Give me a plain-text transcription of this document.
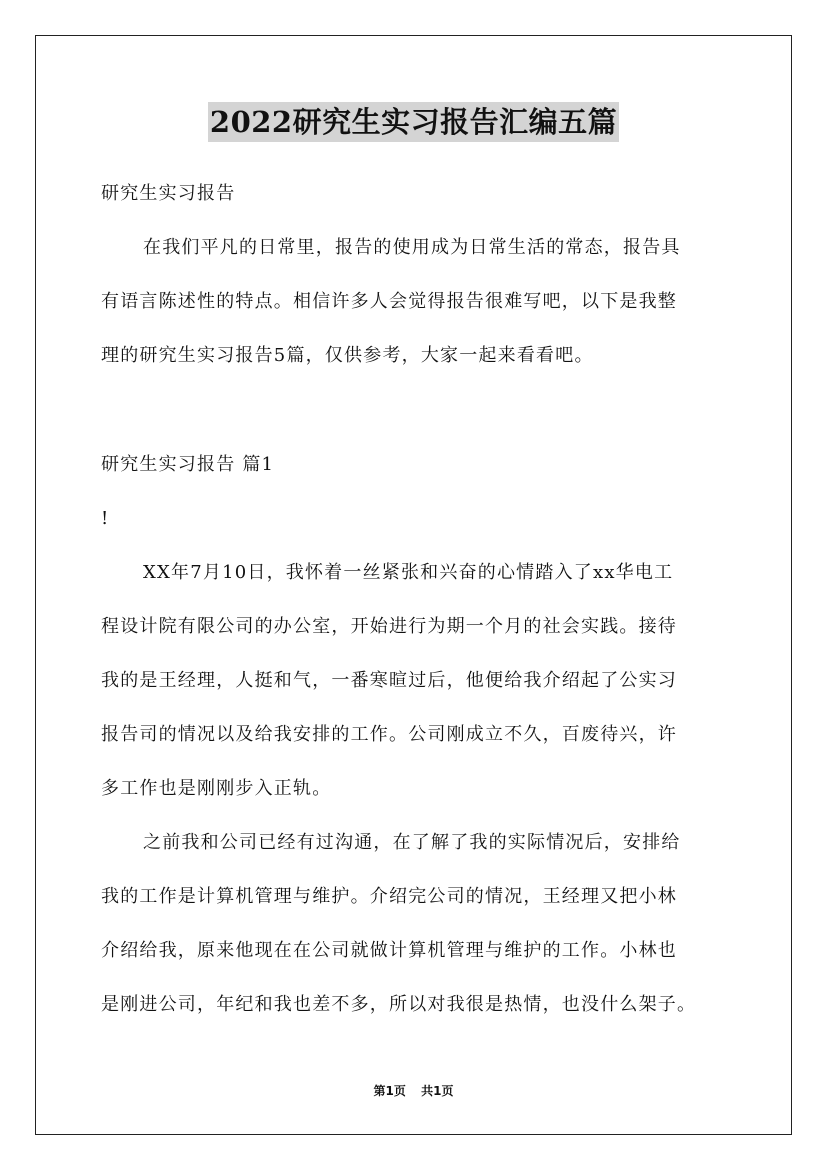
2022研究生实习报告汇编五篇
研究生实习报告
在我们平凡的日常里，报告的使用成为日常生活的常态，报告具
有语言陈述性的特点。相信许多人会觉得报告很难写吧，以下是我整
理的研究生实习报告5篇，仅供参考，大家一起来看看吧。
研究生实习报告 篇1
!
XX年7月10日，我怀着一丝紧张和兴奋的心情踏入了xx华电工
程设计院有限公司的办公室，开始进行为期一个月的社会实践。接待
我的是王经理，人挺和气，一番寒暄过后，他便给我介绍起了公实习
报告司的情况以及给我安排的工作。公司刚成立不久，百废待兴，许
多工作也是刚刚步入正轨。
之前我和公司已经有过沟通，在了解了我的实际情况后，安排给
我的工作是计算机管理与维护。介绍完公司的情况，王经理又把小林
介绍给我，原来他现在在公司就做计算机管理与维护的工作。小林也
是刚进公司，年纪和我也差不多，所以对我很是热情，也没什么架子。
第1页 共1页
